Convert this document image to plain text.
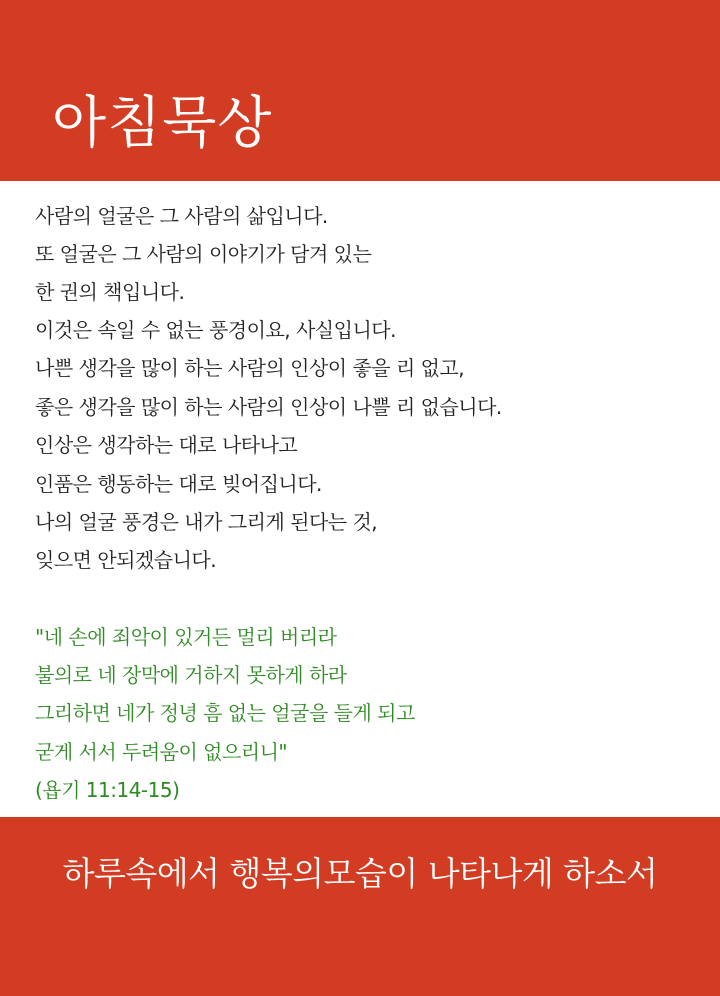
아침묵상
사람의 얼굴은 그 사람의 삶입니다.
또 얼굴은 그 사람의 이야기가 담겨 있는
한 권의 책입니다.
이것은 속일 수 없는 풍경이요, 사실입니다.
나쁜 생각을 많이 하는 사람의 인상이 좋을 리 없고,
좋은 생각을 많이 하는 사람의 인상이 나쁠 리 없습니다.
인상은 생각하는 대로 나타나고
인품은 행동하는 대로 빚어집니다.
나의 얼굴 풍경은 내가 그리게 된다는 것,
잊으면 안되겠습니다.
"네 손에 죄악이 있거든 멀리 버리라
불의로 네 장막에 거하지 못하게 하라
그리하면 네가 정녕 흠 없는 얼굴을 들게 되고
굳게 서서 두려움이 없으리니"
(욥기 11:14-15)

하루속에서 행복의모습이 나타나게 하소서
